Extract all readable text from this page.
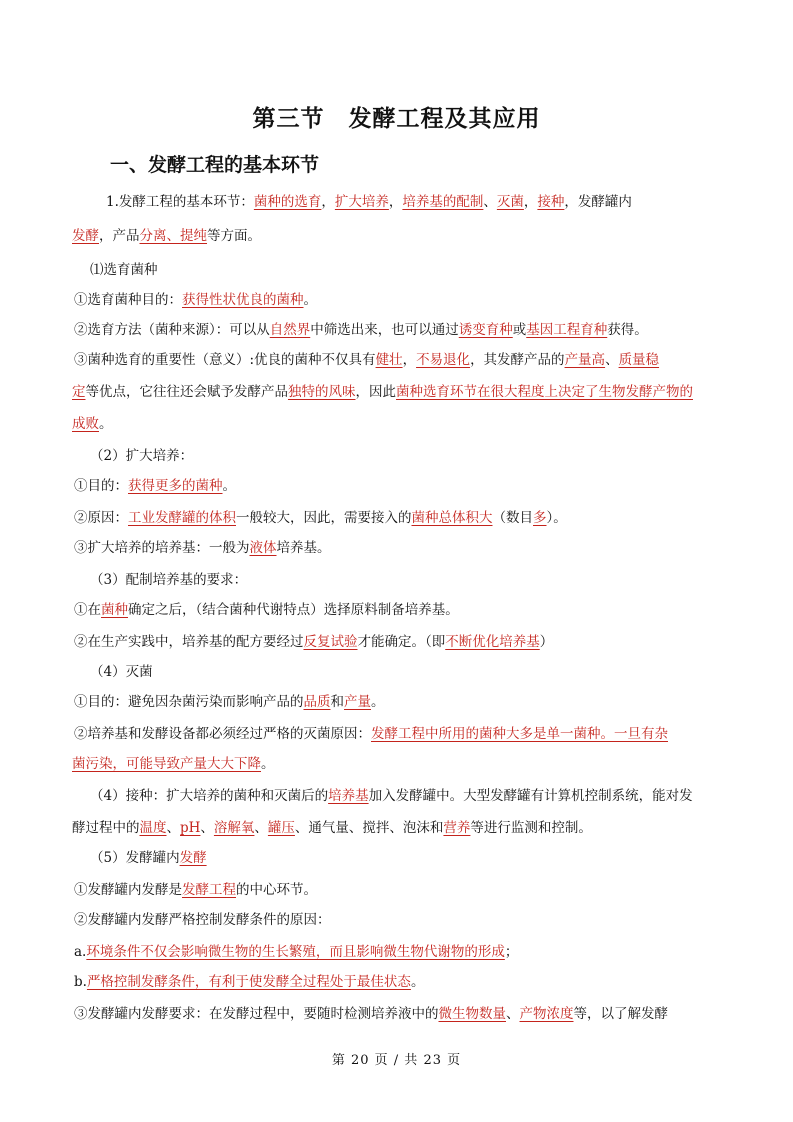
第三节　发酵工程及其应用
一、发酵工程的基本环节
1.发酵工程的基本环节：菌种的选育，扩大培养，培养基的配制、灭菌，接种，发酵罐内
发酵，产品分离、提纯等方面。
⑴选育菌种
①选育菌种目的：获得性状优良的菌种。
②选育方法（菌种来源）：可以从自然界中筛选出来，也可以通过诱变育种或基因工程育种获得。
③菌种选育的重要性（意义）:优良的菌种不仅具有健壮，不易退化，其发酵产品的产量高、质量稳
定等优点，它往往还会赋予发酵产品独特的风味，因此菌种选育环节在很大程度上决定了生物发酵产物的
成败。
（2）扩大培养：
①目的：获得更多的菌种。
②原因：工业发酵罐的体积一般较大，因此，需要接入的菌种总体积大（数目多）。
③扩大培养的培养基：一般为液体培养基。
（3）配制培养基的要求：
①在菌种确定之后，（结合菌种代谢特点）选择原料制备培养基。
②在生产实践中，培养基的配方要经过反复试验才能确定。（即不断优化培养基）
（4）灭菌
①目的：避免因杂菌污染而影响产品的品质和产量。
②培养基和发酵设备都必须经过严格的灭菌原因：发酵工程中所用的菌种大多是单一菌种。一旦有杂
菌污染，可能导致产量大大下降。
（4）接种：扩大培养的菌种和灭菌后的培养基加入发酵罐中。大型发酵罐有计算机控制系统，能对发
酵过程中的温度、pH、溶解氧、罐压、通气量、搅拌、泡沫和营养等进行监测和控制。
（5）发酵罐内发酵
①发酵罐内发酵是发酵工程的中心环节。
②发酵罐内发酵严格控制发酵条件的原因：
a.环境条件不仅会影响微生物的生长繁殖，而且影响微生物代谢物的形成；
b.严格控制发酵条件，有利于使发酵全过程处于最佳状态。
③发酵罐内发酵要求：在发酵过程中，要随时检测培养液中的微生物数量、产物浓度等，以了解发酵
第 20 页 / 共 23 页
